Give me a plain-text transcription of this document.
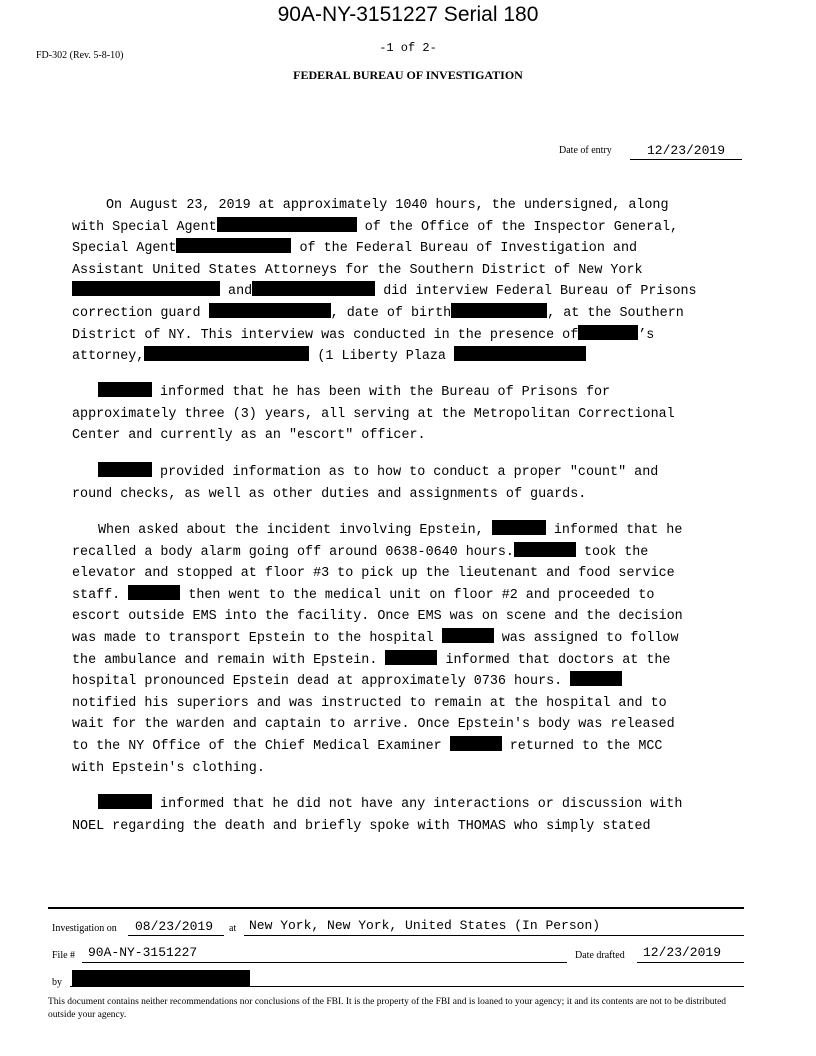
90A-NY-3151227 Serial 180
FD-302 (Rev. 5-8-10)
-1 of 2-
FEDERAL BUREAU OF INVESTIGATION
Date of entry	12/23/2019
On August 23, 2019 at approximately 1040 hours, the undersigned, along
with Special Agent	of the Office of the Inspector General,
Special Agent	of the Federal Bureau of Investigation and
Assistant United States Attorneys for the Southern District of New York
and	did interview Federal Bureau of Prisons
correction guard	, date of birth	, at the Southern
District of NY. This interview was conducted in the presence of	’s
attorney,	(1 Liberty Plaza
informed that he has been with the Bureau of Prisons for
approximately three (3) years, all serving at the Metropolitan Correctional
Center and currently as an "escort" officer.
provided information as to how to conduct a proper "count" and
round checks, as well as other duties and assignments of guards.
When asked about the incident involving Epstein,	informed that he
recalled a body alarm going off around 0638-0640 hours.	took the
elevator and stopped at floor #3 to pick up the lieutenant and food service
staff.	then went to the medical unit on floor #2 and proceeded to
escort outside EMS into the facility. Once EMS was on scene and the decision
was made to transport Epstein to the hospital	was assigned to follow
the ambulance and remain with Epstein.	informed that doctors at the
hospital pronounced Epstein dead at approximately 0736 hours.
notified his superiors and was instructed to remain at the hospital and to
wait for the warden and captain to arrive. Once Epstein's body was released
to the NY Office of the Chief Medical Examiner	returned to the MCC
with Epstein's clothing.
informed that he did not have any interactions or discussion with
NOEL regarding the death and briefly spoke with THOMAS who simply stated
Investigation on 08/23/2019 at New York, New York, United States (In Person)
File # 90A-NY-3151227	Date drafted 12/23/2019
by
This document contains neither recommendations nor conclusions of the FBI. It is the property of the FBI and is loaned to your agency; it and its contents are not to be distributed outside your agency.
